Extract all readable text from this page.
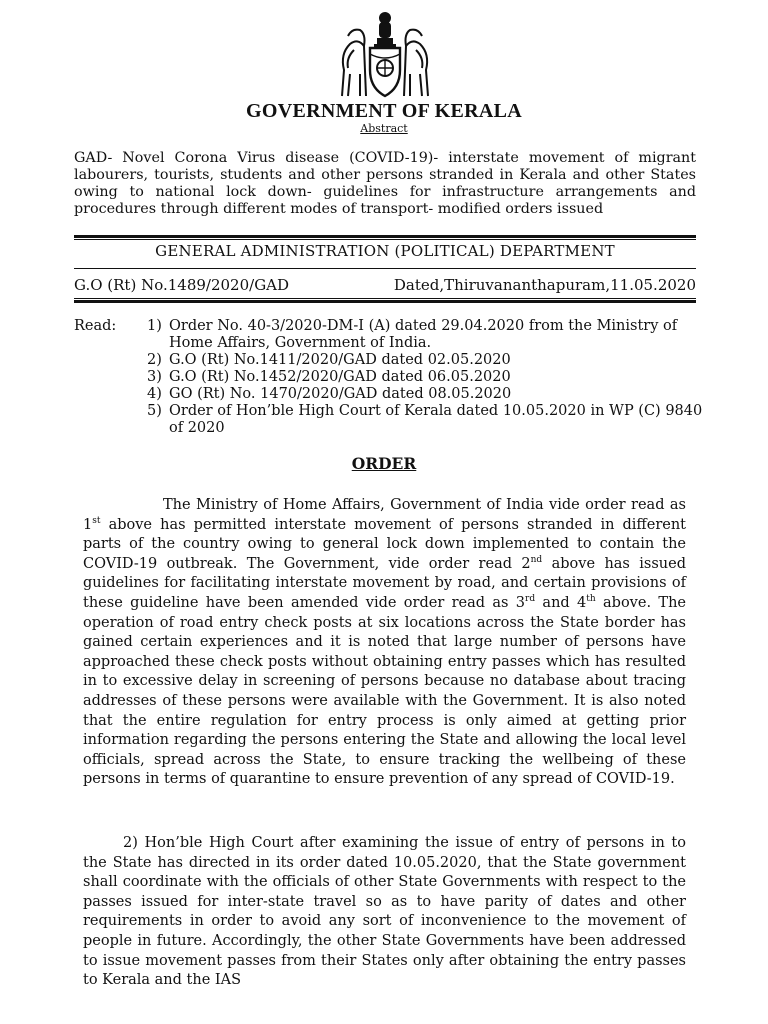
GOVERNMENT OF KERALA
Abstract
GAD- Novel Corona Virus disease (COVID-19)- interstate movement of migrant labourers, tourists, students and other persons stranded in Kerala and other States owing to national lock down- guidelines for infrastructure arrangements and procedures through different modes of transport- modified orders issued
GENERAL ADMINISTRATION (POLITICAL) DEPARTMENT
G.O (Rt) No.1489/2020/GAD	Dated,Thiruvananthapuram,11.05.2020
Read: 1) Order No. 40-3/2020-DM-I (A) dated 29.04.2020 from the Ministry of Home Affairs, Government of India.
2) G.O (Rt) No.1411/2020/GAD dated 02.05.2020
3) G.O (Rt) No.1452/2020/GAD dated 06.05.2020
4) GO (Rt) No. 1470/2020/GAD dated 08.05.2020
5) Order of Hon’ble High Court of Kerala dated 10.05.2020 in WP (C) 9840 of 2020
ORDER

The Ministry of Home Affairs, Government of India vide order read as 1st above has permitted interstate movement of persons stranded in different parts of the country owing to general lock down implemented to contain the COVID-19 outbreak. The Government, vide order read 2nd above has issued guidelines for facilitating interstate movement by road, and certain provisions of these guideline have been amended vide order read as 3rd and 4th above. The operation of road entry check posts at six locations across the State border has gained certain experiences and it is noted that large number of persons have approached these check posts without obtaining entry passes which has resulted in to excessive delay in screening of persons because no database about tracing addresses of these persons were available with the Government. It is also noted that the entire regulation for entry process is only aimed at getting prior information regarding the persons entering the State and allowing the local level officials, spread across the State, to ensure tracking the wellbeing of these persons in terms of quarantine to ensure prevention of any spread of COVID-19.

2) Hon’ble High Court after examining the issue of entry of persons in to the State has directed in its order dated 10.05.2020, that the State government shall coordinate with the officials of other State Governments with respect to the passes issued for inter-state travel so as to have parity of dates and other requirements in order to avoid any sort of inconvenience to the movement of people in future. Accordingly, the other State Governments have been addressed to issue movement passes from their States only after obtaining the entry passes to Kerala and the IAS
